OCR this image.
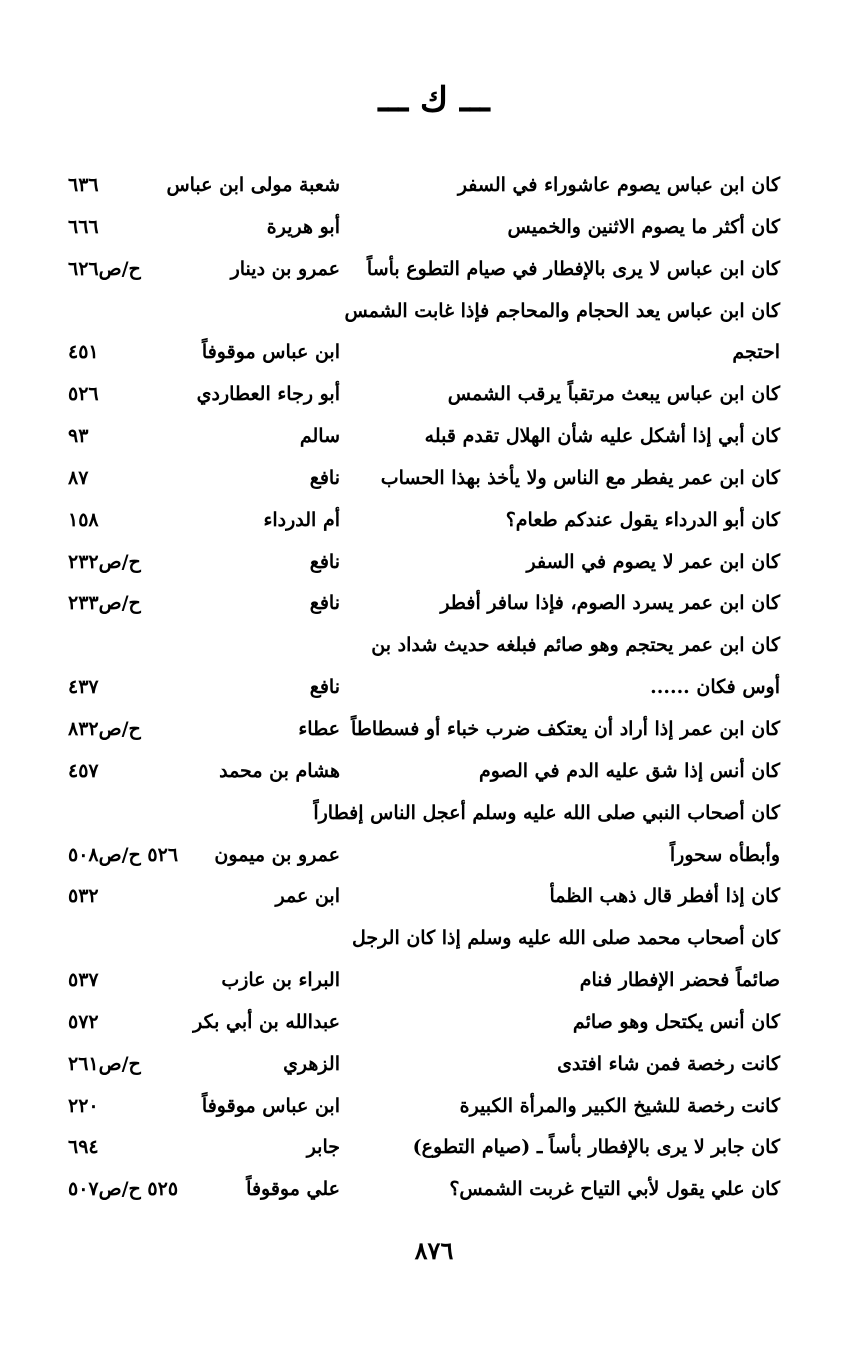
ـــ ك ـــ
كان ابن عباس يصوم عاشوراء في السفر
شعبة مولى ابن عباس
٦٣٦
كان أكثر ما يصوم الاثنين والخميس
أبو هريرة
٦٦٦
كان ابن عباس لا يرى بالإفطار في صيام التطوع بأساً
عمرو بن دينار
ح/ص٦٢٦
كان ابن عباس يعد الحجام والمحاجم فإذا غابت الشمس
احتجم
ابن عباس موقوفاً
٤٥١
كان ابن عباس يبعث مرتقباً يرقب الشمس
أبو رجاء العطاردي
٥٢٦
كان أبي إذا أشكل عليه شأن الهلال تقدم قبله
سالم
٩٣
كان ابن عمر يفطر مع الناس ولا يأخذ بهذا الحساب
نافع
٨٧
كان أبو الدرداء يقول عندكم طعام؟
أم الدرداء
١٥٨
كان ابن عمر لا يصوم في السفر
نافع
ح/ص٢٣٢
كان ابن عمر يسرد الصوم، فإذا سافر أفطر
نافع
ح/ص٢٣٣
كان ابن عمر يحتجم وهو صائم فبلغه حديث شداد بن
أوس فكان ......
نافع
٤٣٧
كان ابن عمر إذا أراد أن يعتكف ضرب خباء أو فسطاطاً
عطاء
ح/ص٨٣٢
كان أنس إذا شق عليه الدم في الصوم
هشام بن محمد
٤٥٧
كان أصحاب النبي صلى الله عليه وسلم أعجل الناس إفطاراً
وأبطأه سحوراً
عمرو بن ميمون
٥٢٦ ح/ص٥٠٨
كان إذا أفطر قال ذهب الظمأ
ابن عمر
٥٣٢
كان أصحاب محمد صلى الله عليه وسلم إذا كان الرجل
صائماً فحضر الإفطار فنام
البراء بن عازب
٥٣٧
كان أنس يكتحل وهو صائم
عبدالله بن أبي بكر
٥٧٢
كانت رخصة فمن شاء افتدى
الزهري
ح/ص٢٦١
كانت رخصة للشيخ الكبير والمرأة الكبيرة
ابن عباس موقوفاً
٢٢٠
كان جابر لا يرى بالإفطار بأساً ـ (صيام التطوع)
جابر
٦٩٤
كان علي يقول لأبي التياح غربت الشمس؟
علي موقوفاً
٥٢٥ ح/ص٥٠٧
٨٧٦
